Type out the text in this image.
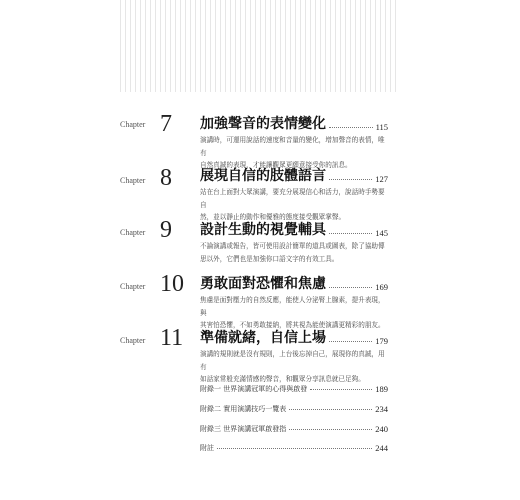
Chapter 7 加強聲音的表情變化	115
演講時，可運用說話的速度和音量的變化，增加聲音的表情，唯有
自然真誠的表現，才能讓觀眾更願意接受你的訊息。
Chapter 8 展現自信的肢體語言	127
站在台上面對大眾演講，要充分展現信心和活力，說話時手勢要自
然，並以靜止的動作和優雅的態度接受觀眾掌聲。
Chapter 9 設計生動的視覺輔具	145
不論演講或報告，皆可使用設計簡單的道具或圖表，除了協助傳
思以外，它們也是加強你口語文字的有效工具。
Chapter 10 勇敢面對恐懼和焦慮	169
焦慮是面對壓力的自然反應，能使人分泌腎上腺素，提升表現，與
其害怕恐懼，不如勇敢接納，將其視為能使演講更精彩的朋友。
Chapter 11 準備就緒，自信上場	179
演講的規則就是沒有規則，上台後忘掉自己，展現你的真誠，用有
如話家常般充滿情感的聲音，和觀眾分享訊息就已足夠。
附錄一 世界演講冠軍的心得與啟發	189
附錄二 實用演講技巧一覽表	234
附錄三 世界演講冠軍啟發指	240
附註	244
